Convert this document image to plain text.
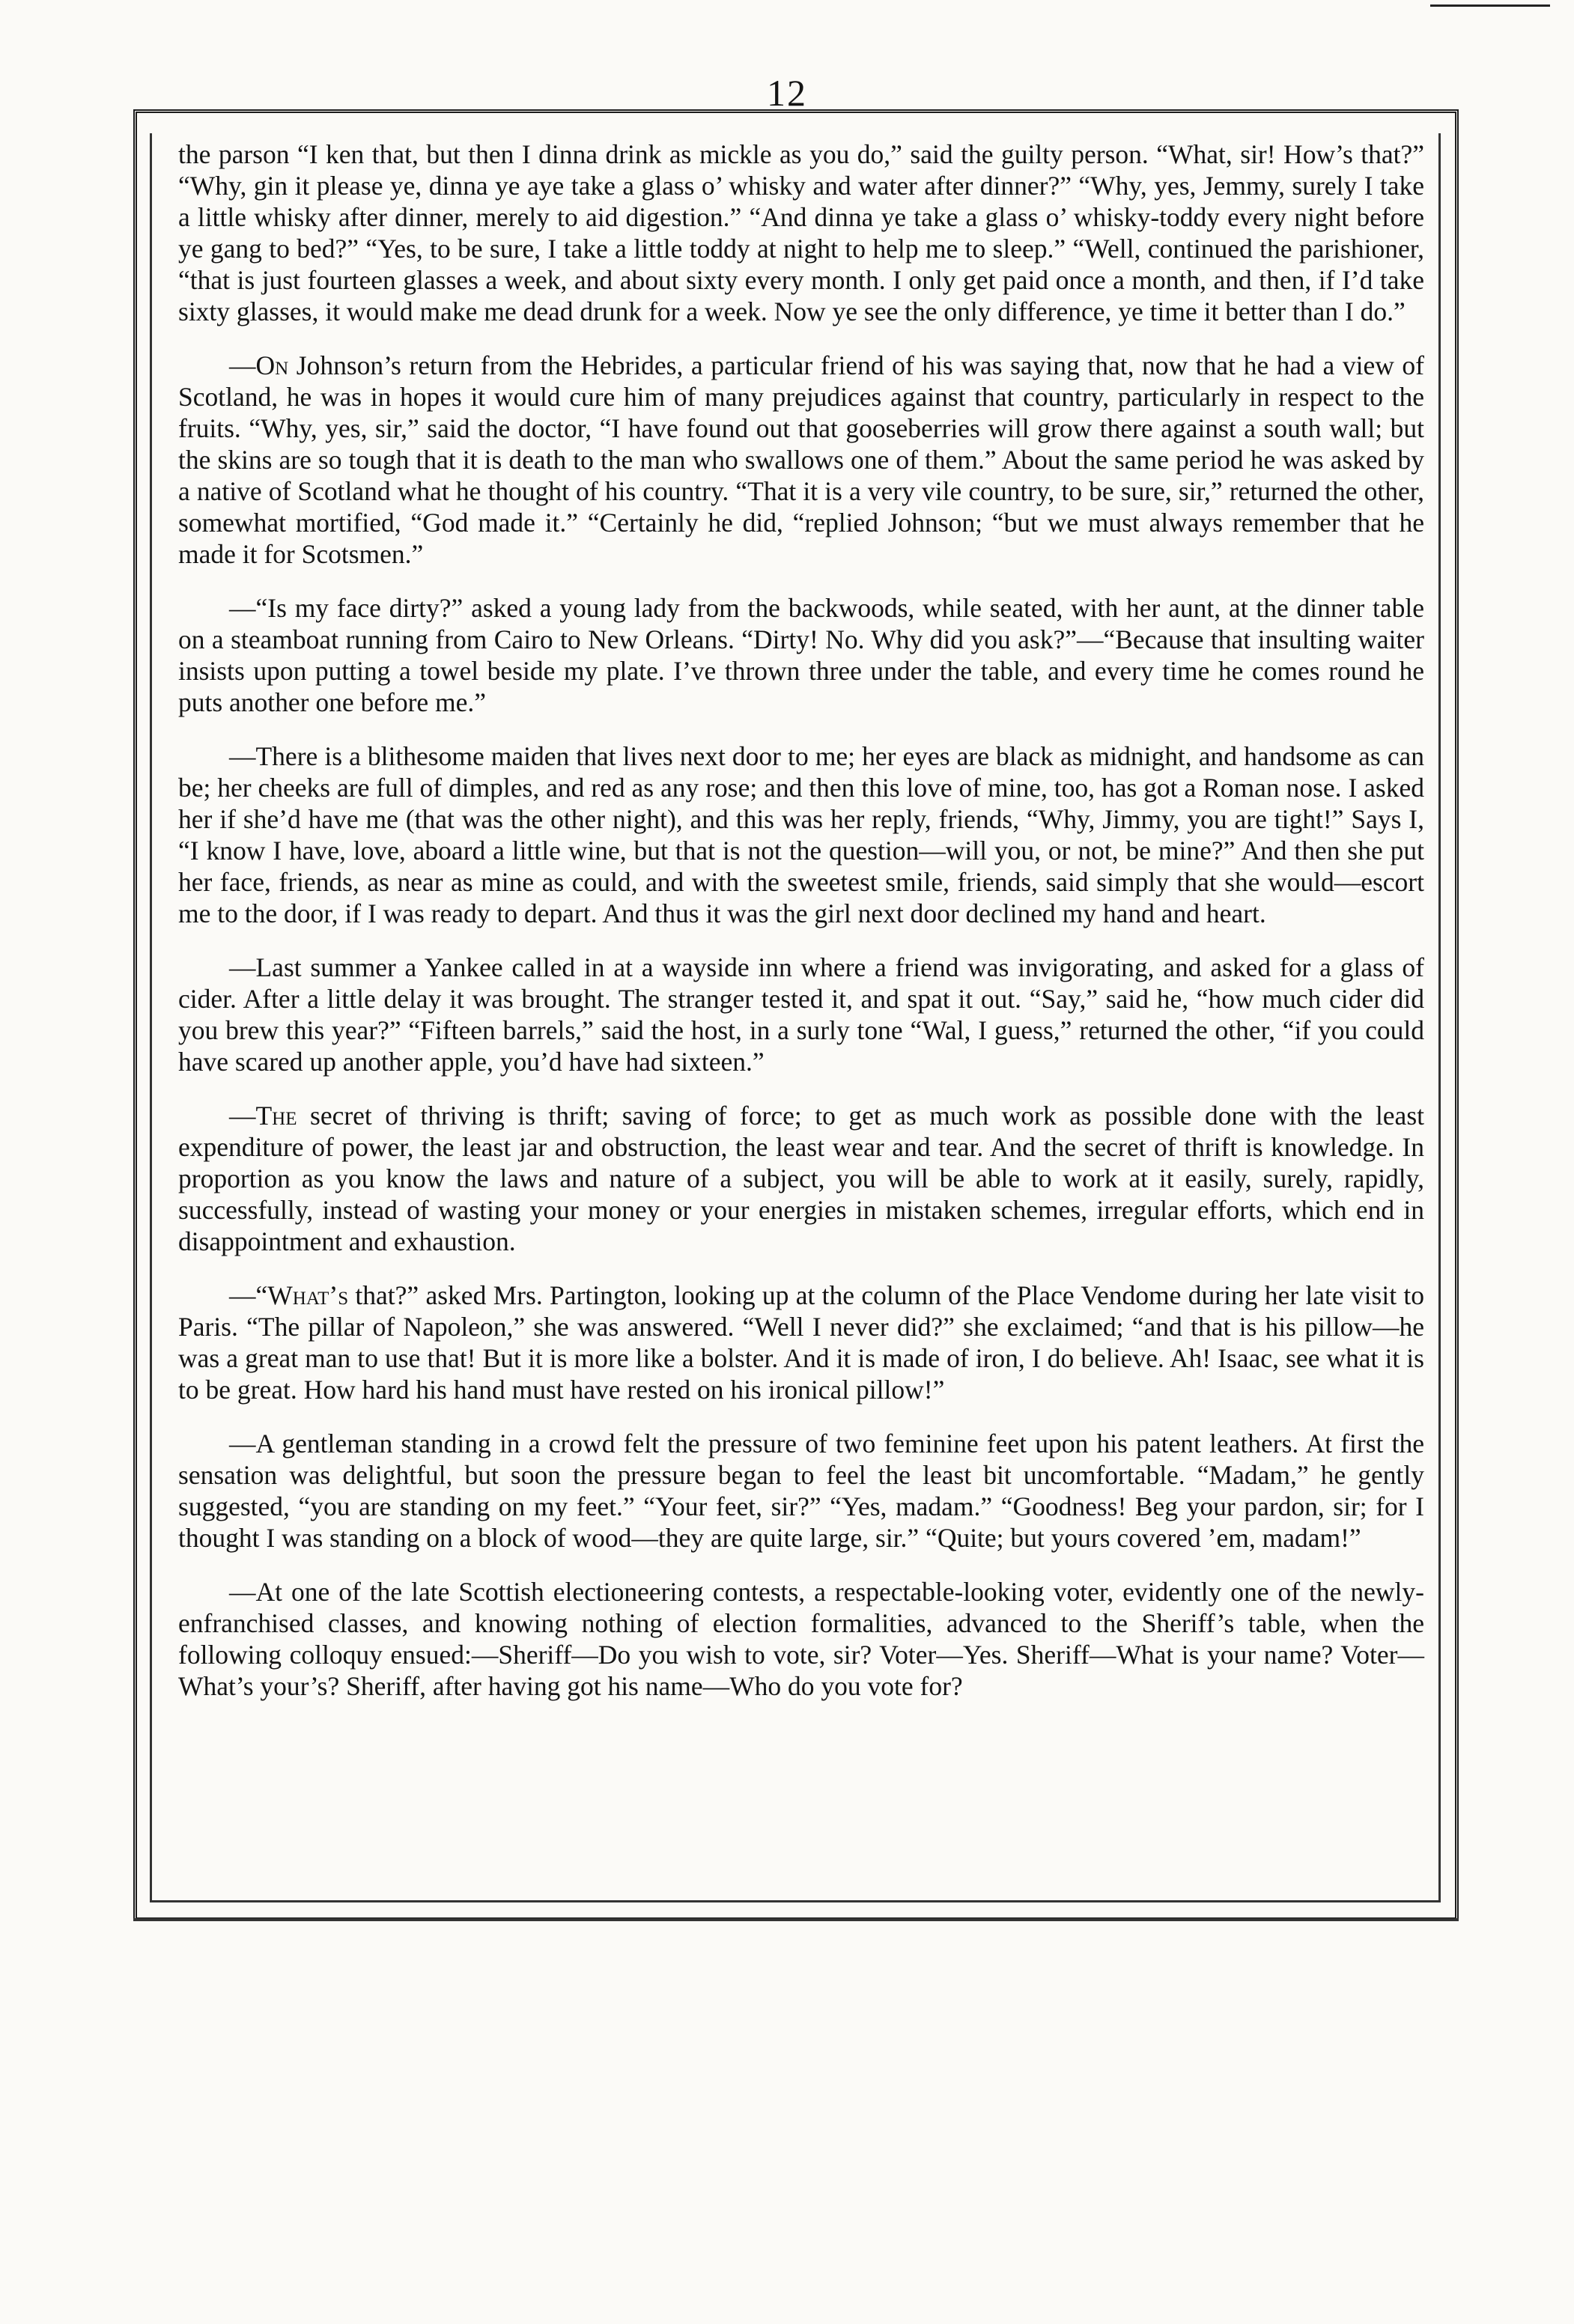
12

the parson “I ken that, but then I dinna drink as mickle as you do,” said the guilty person. “What, sir! How’s that?” “Why, gin it please ye, dinna ye aye take a glass o’ whisky and water after dinner?” “Why, yes, Jemmy, surely I take a little whisky after dinner, merely to aid digestion.” “And dinna ye take a glass o’ whisky-toddy every night before ye gang to bed?” “Yes, to be sure, I take a little toddy at night to help me to sleep.” “Well, continued the parishioner, “that is just fourteen glasses a week, and about sixty every month. I only get paid once a month, and then, if I’d take sixty glasses, it would make me dead drunk for a week. Now ye see the only difference, ye time it better than I do.”

—On Johnson’s return from the Hebrides, a particular friend of his was saying that, now that he had a view of Scotland, he was in hopes it would cure him of many prejudices against that country, particularly in respect to the fruits. “Why, yes, sir,” said the doctor, “I have found out that gooseberries will grow there against a south wall; but the skins are so tough that it is death to the man who swallows one of them.” About the same period he was asked by a native of Scotland what he thought of his country. “That it is a very vile country, to be sure, sir,” returned the other, somewhat mortified, “God made it.” “Certainly he did, “replied Johnson; “but we must always remember that he made it for Scotsmen.”

—“Is my face dirty?” asked a young lady from the backwoods, while seated, with her aunt, at the dinner table on a steamboat running from Cairo to New Orleans. “Dirty! No. Why did you ask?”—“Because that insulting waiter insists upon putting a towel beside my plate. I’ve thrown three under the table, and every time he comes round he puts another one before me.”

—There is a blithesome maiden that lives next door to me; her eyes are black as midnight, and handsome as can be; her cheeks are full of dimples, and red as any rose; and then this love of mine, too, has got a Roman nose. I asked her if she’d have me (that was the other night), and this was her reply, friends, “Why, Jimmy, you are tight!” Says I, “I know I have, love, aboard a little wine, but that is not the question—will you, or not, be mine?” And then she put her face, friends, as near as mine as could, and with the sweetest smile, friends, said simply that she would—escort me to the door, if I was ready to depart. And thus it was the girl next door declined my hand and heart.

—Last summer a Yankee called in at a wayside inn where a friend was invigorating, and asked for a glass of cider. After a little delay it was brought. The stranger tested it, and spat it out. “Say,” said he, “how much cider did you brew this year?” “Fifteen barrels,” said the host, in a surly tone “Wal, I guess,” returned the other, “if you could have scared up another apple, you’d have had sixteen.”

—The secret of thriving is thrift; saving of force; to get as much work as possible done with the least expenditure of power, the least jar and obstruction, the least wear and tear. And the secret of thrift is knowledge. In proportion as you know the laws and nature of a subject, you will be able to work at it easily, surely, rapidly, successfully, instead of wasting your money or your energies in mistaken schemes, irregular efforts, which end in disappointment and exhaustion.

—“What’s that?” asked Mrs. Partington, looking up at the column of the Place Vendome during her late visit to Paris. “The pillar of Napoleon,” she was answered. “Well I never did?” she exclaimed; “and that is his pillow—he was a great man to use that! But it is more like a bolster. And it is made of iron, I do believe. Ah! Isaac, see what it is to be great. How hard his hand must have rested on his ironical pillow!”

—A gentleman standing in a crowd felt the pressure of two feminine feet upon his patent leathers. At first the sensation was delightful, but soon the pressure began to feel the least bit uncomfortable. “Madam,” he gently suggested, “you are standing on my feet.” “Your feet, sir?” “Yes, madam.” “Goodness! Beg your pardon, sir; for I thought I was standing on a block of wood—they are quite large, sir.” “Quite; but yours covered ’em, madam!”

—At one of the late Scottish electioneering contests, a respectable-looking voter, evidently one of the newly-enfranchised classes, and knowing nothing of election formalities, advanced to the Sheriff’s table, when the following colloquy ensued:—Sheriff—Do you wish to vote, sir? Voter—Yes. Sheriff—What is your name? Voter—What’s your’s? Sheriff, after having got his name—Who do you vote for?
